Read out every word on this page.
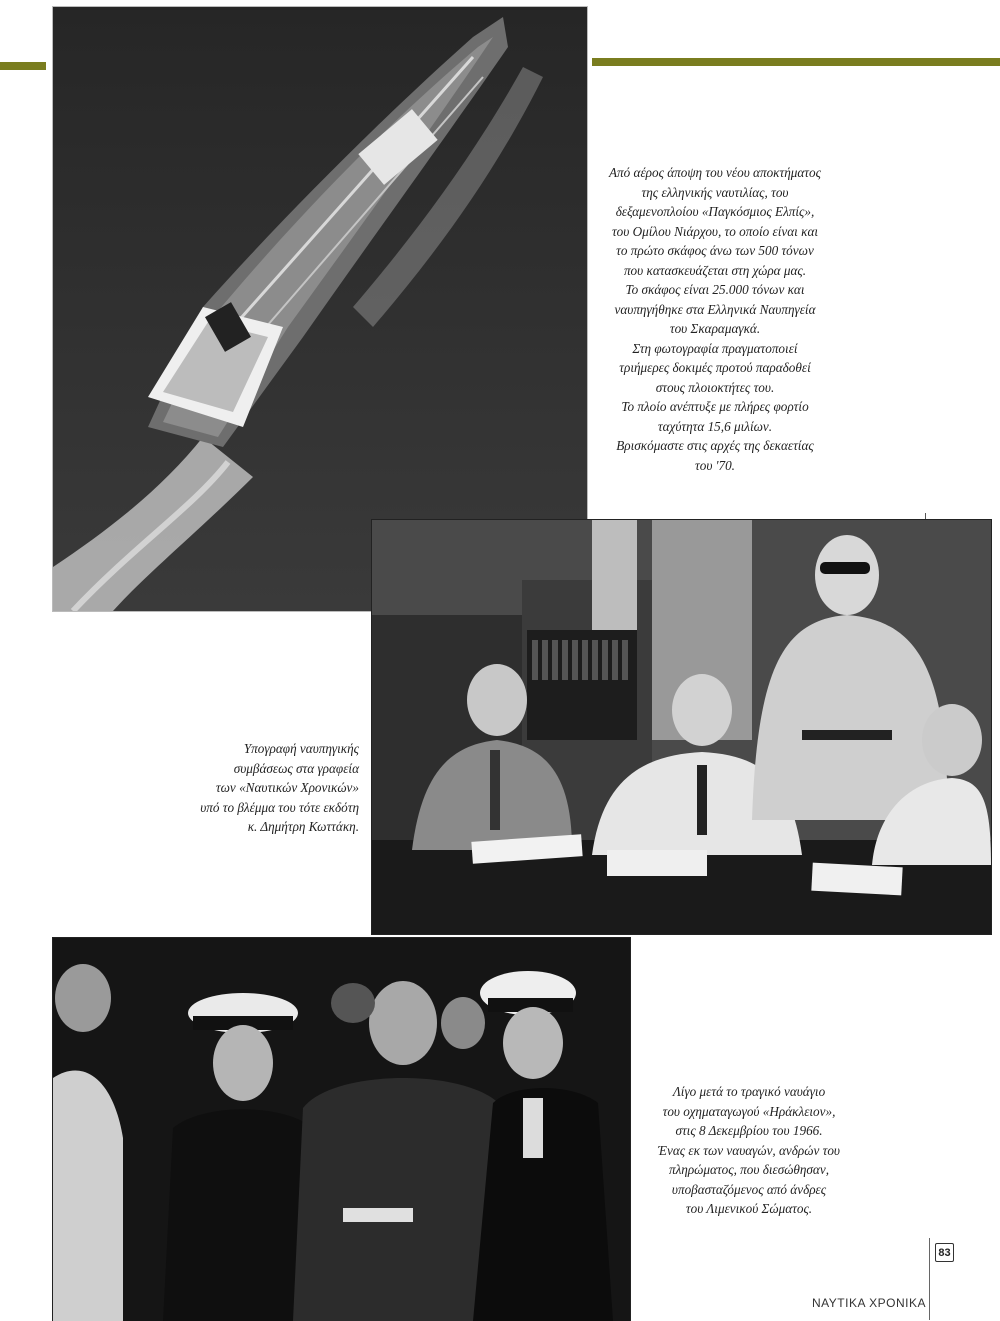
Από αέρος άποψη του νέου αποκτήματος

της ελληνικής ναυτιλίας, του

δεξαμενοπλοίου «Παγκόσμιος Ελπίς»,

του Ομίλου Νιάρχου, το οποίο είναι και

το πρώτο σκάφος άνω των 500 τόνων

που κατασκευάζεται στη χώρα μας.

Το σκάφος είναι 25.000 τόνων και

ναυπηγήθηκε στα Ελληνικά Ναυπηγεία

του Σκαραμαγκά.

Στη φωτογραφία πραγματοποιεί

τριήμερες δοκιμές προτού παραδοθεί

στους πλοιοκτήτες του.

Το πλοίο ανέπτυξε με πλήρες φορτίο

ταχύτητα 15,6 μιλίων.

Βρισκόμαστε στις αρχές της δεκαετίας

του '70.

Υπογραφή ναυπηγικής

συμβάσεως στα γραφεία

των «Ναυτικών Χρονικών»

υπό το βλέμμα του τότε εκδότη

κ. Δημήτρη Κωττάκη.

Λίγο μετά το τραγικό ναυάγιο

του οχηματαγωγού «Ηράκλειον»,

στις 8 Δεκεμβρίου του 1966.

Ένας εκ των ναυαγών, ανδρών του

πληρώματος, που διεσώθησαν,

υποβασταζόμενος από άνδρες

του Λιμενικού Σώματος.

83
ΝΑΥΤΙΚΑ ΧΡΟΝΙΚΑ
